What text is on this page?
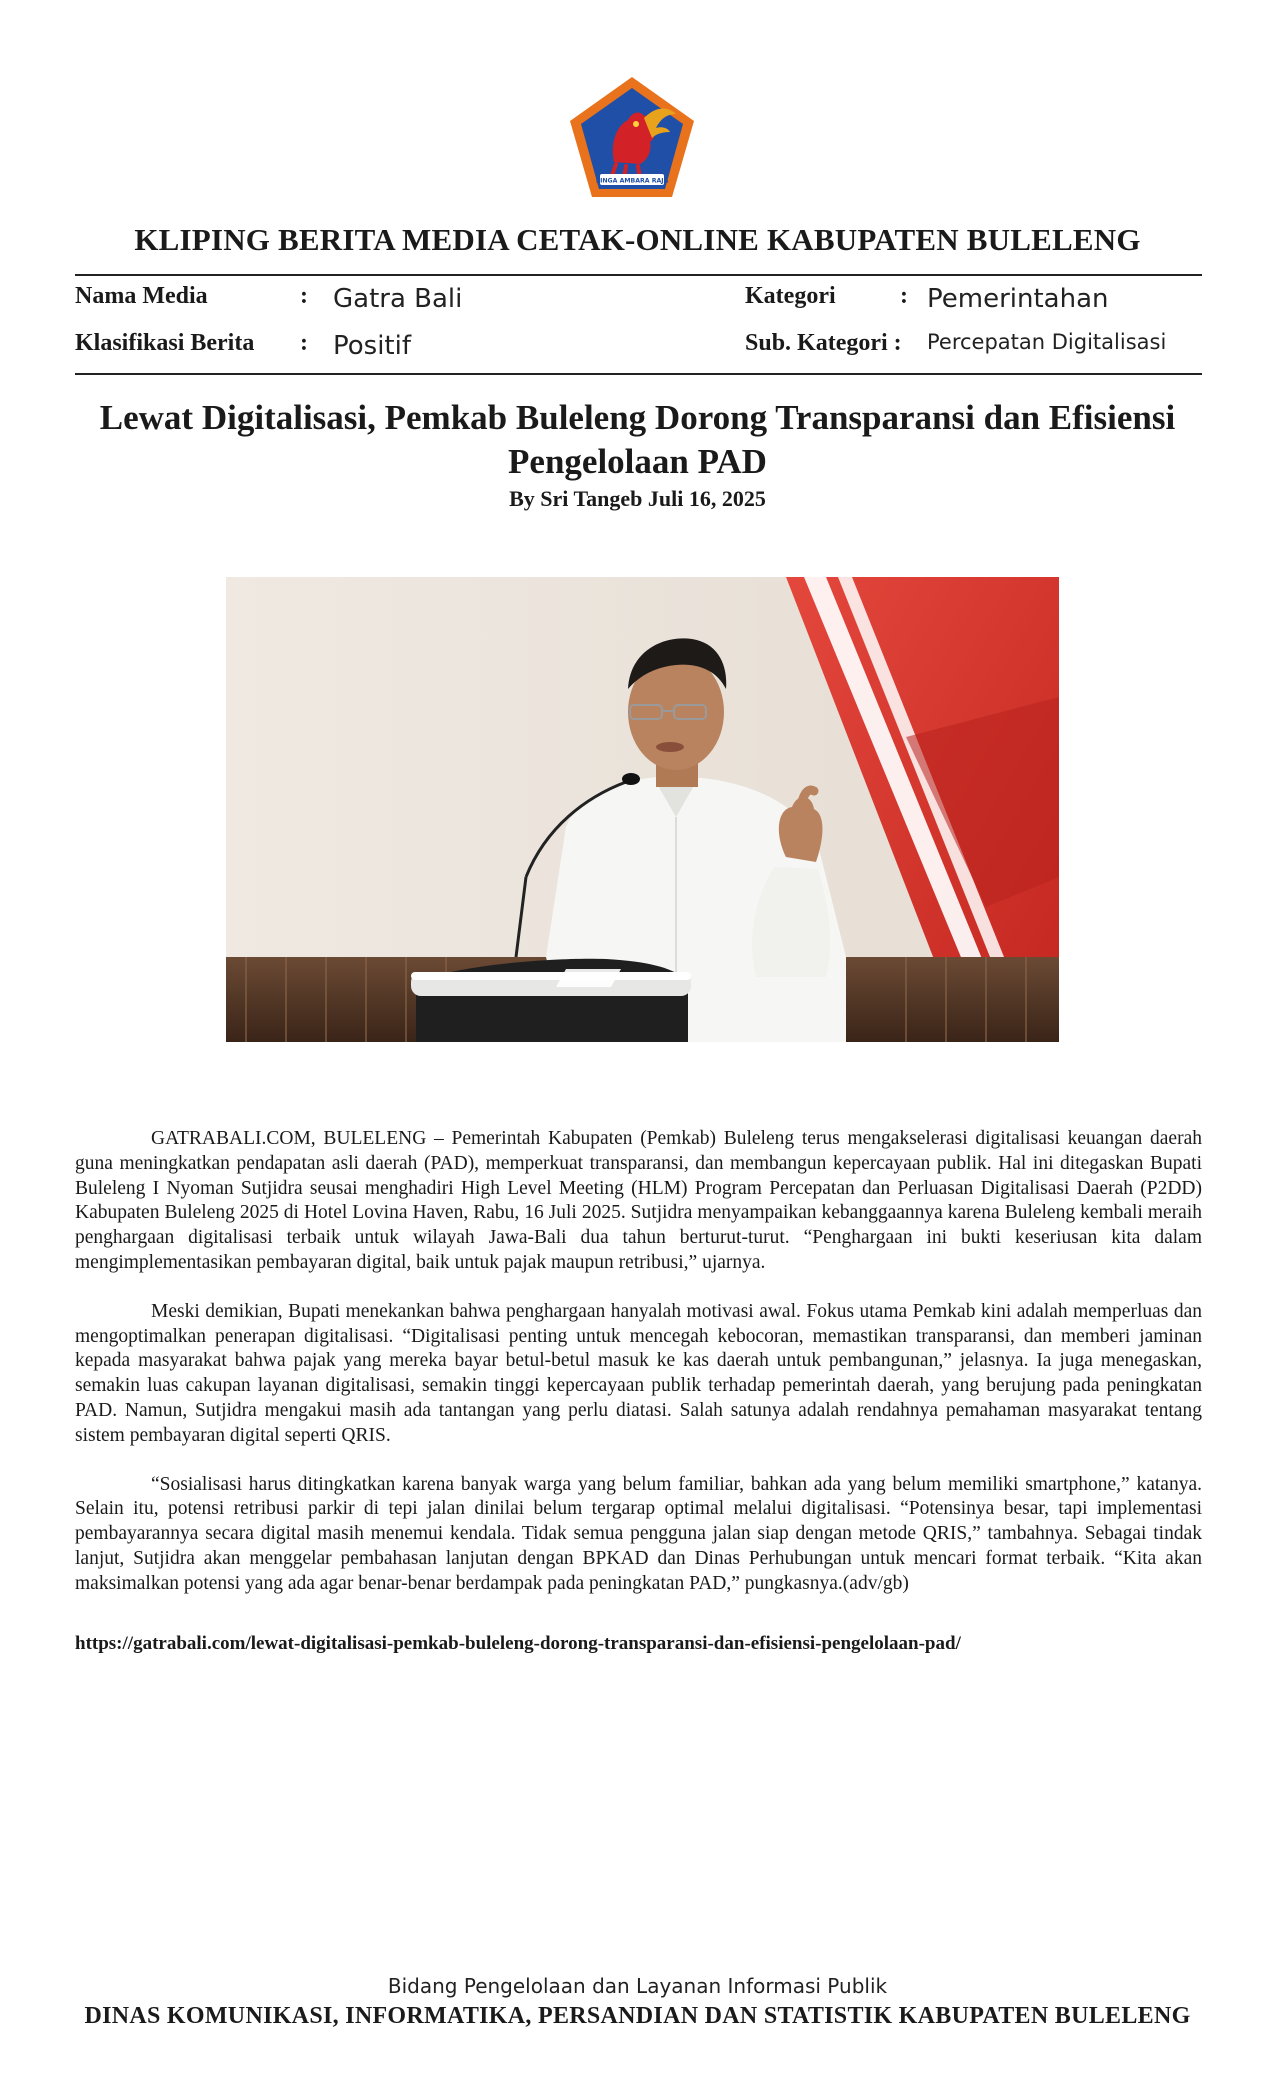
SINGA AMBARA RAJA
KLIPING BERITA MEDIA CETAK-ONLINE KABUPATEN BULELENG
Nama Media	: Gatra Bali
Klasifikasi Berita : Positif
Kategori	: Pemerintahan
Sub. Kategori : Percepatan Digitalisasi
Lewat Digitalisasi, Pemkab Buleleng Dorong Transparansi dan Efisiensi Pengelolaan PAD
By Sri Tangeb Juli 16, 2025

GATRABALI.COM, BULELENG – Pemerintah Kabupaten (Pemkab) Buleleng terus mengakselerasi digitalisasi keuangan daerah guna meningkatkan pendapatan asli daerah (PAD), memperkuat transparansi, dan membangun kepercayaan publik. Hal ini ditegaskan Bupati Buleleng I Nyoman Sutjidra seusai menghadiri High Level Meeting (HLM) Program Percepatan dan Perluasan Digitalisasi Daerah (P2DD) Kabupaten Buleleng 2025 di Hotel Lovina Haven, Rabu, 16 Juli 2025. Sutjidra menyampaikan kebanggaannya karena Buleleng kembali meraih penghargaan digitalisasi terbaik untuk wilayah Jawa-Bali dua tahun berturut-turut. “Penghargaan ini bukti keseriusan kita dalam mengimplementasikan pembayaran digital, baik untuk pajak maupun retribusi,” ujarnya.

Meski demikian, Bupati menekankan bahwa penghargaan hanyalah motivasi awal. Fokus utama Pemkab kini adalah memperluas dan mengoptimalkan penerapan digitalisasi. “Digitalisasi penting untuk mencegah kebocoran, memastikan transparansi, dan memberi jaminan kepada masyarakat bahwa pajak yang mereka bayar betul-betul masuk ke kas daerah untuk pembangunan,” jelasnya. Ia juga menegaskan, semakin luas cakupan layanan digitalisasi, semakin tinggi kepercayaan publik terhadap pemerintah daerah, yang berujung pada peningkatan PAD. Namun, Sutjidra mengakui masih ada tantangan yang perlu diatasi. Salah satunya adalah rendahnya pemahaman masyarakat tentang sistem pembayaran digital seperti QRIS.

“Sosialisasi harus ditingkatkan karena banyak warga yang belum familiar, bahkan ada yang belum memiliki smartphone,” katanya. Selain itu, potensi retribusi parkir di tepi jalan dinilai belum tergarap optimal melalui digitalisasi. “Potensinya besar, tapi implementasi pembayarannya secara digital masih menemui kendala. Tidak semua pengguna jalan siap dengan metode QRIS,” tambahnya. Sebagai tindak lanjut, Sutjidra akan menggelar pembahasan lanjutan dengan BPKAD dan Dinas Perhubungan untuk mencari format terbaik. “Kita akan maksimalkan potensi yang ada agar benar-benar berdampak pada peningkatan PAD,” pungkasnya.(adv/gb)

https://gatrabali.com/lewat-digitalisasi-pemkab-buleleng-dorong-transparansi-dan-efisiensi-pengelolaan-pad/
Bidang Pengelolaan dan Layanan Informasi Publik
DINAS KOMUNIKASI, INFORMATIKA, PERSANDIAN DAN STATISTIK KABUPATEN BULELENG
